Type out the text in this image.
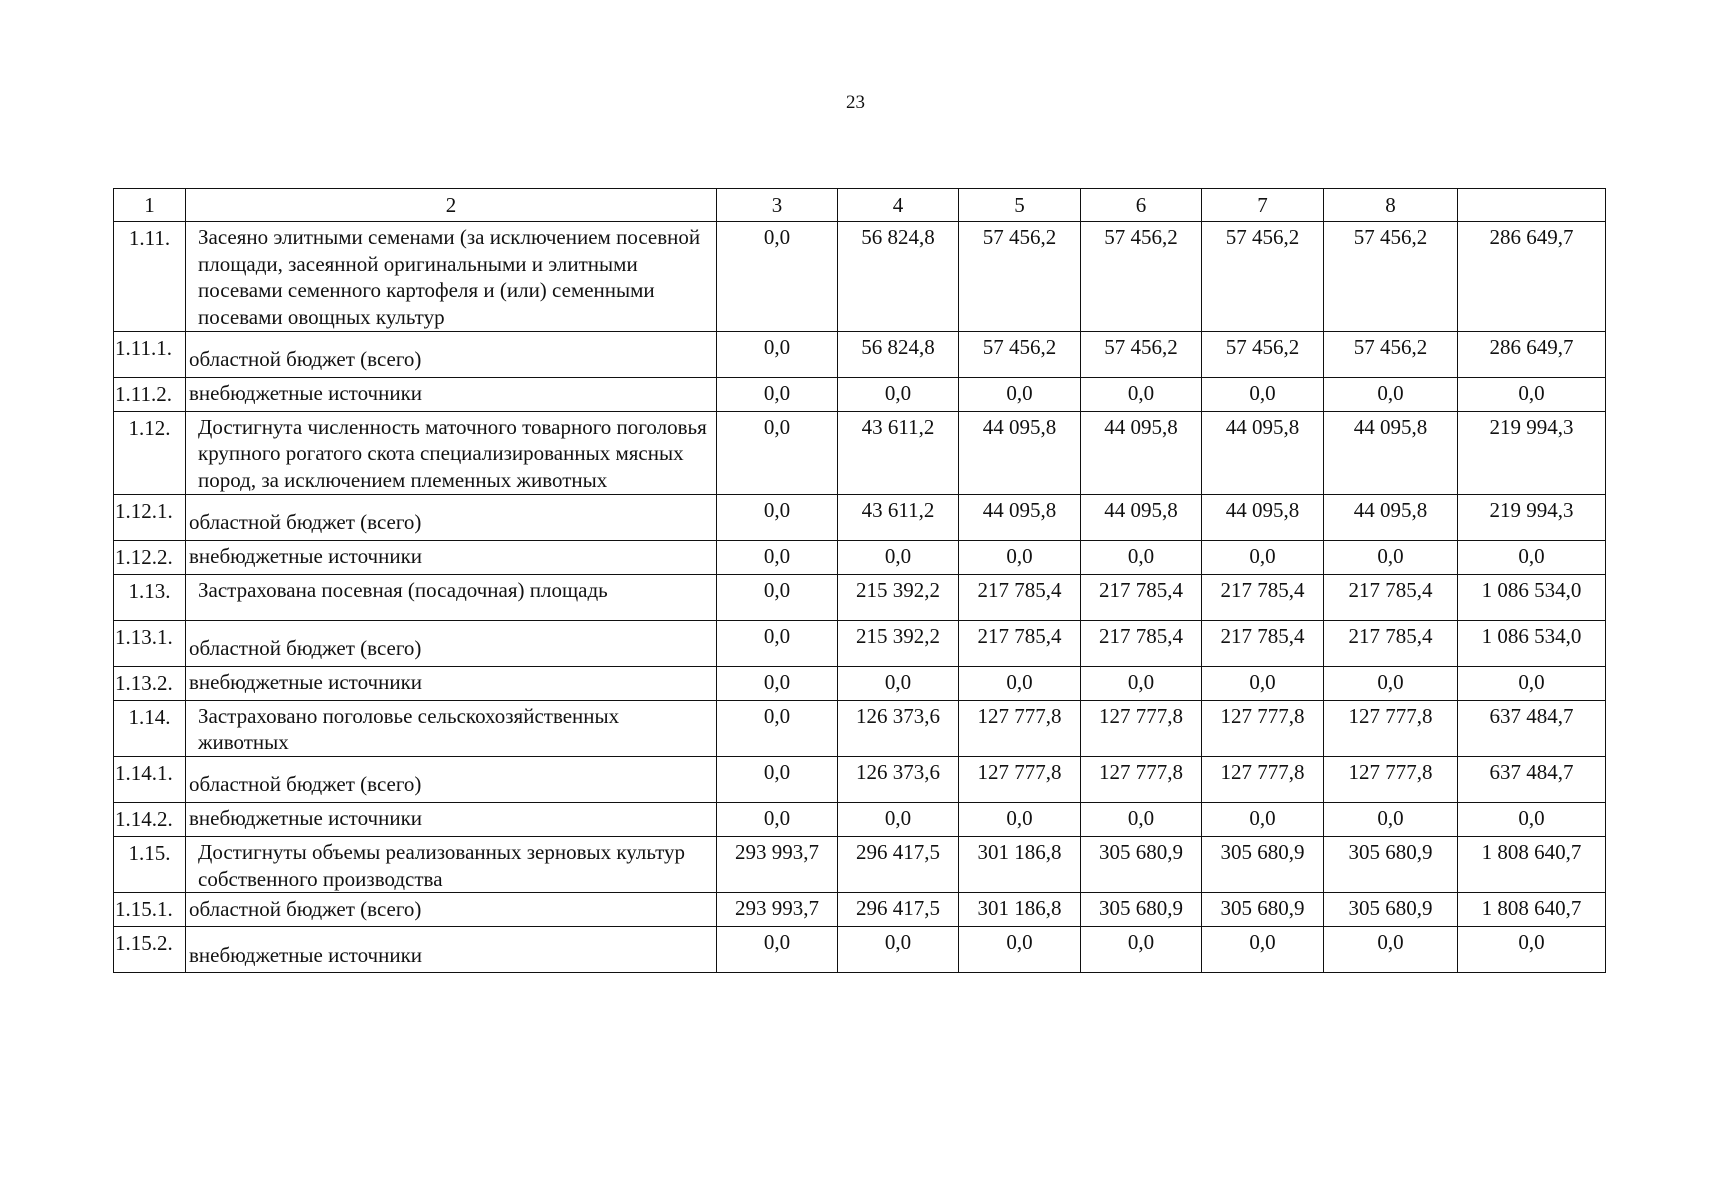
23
1	2	3	4	5	6	7	8	
1.11.	Засеяно элитными семенами (за исключением посевной площади, засеянной оригинальными и элитными посевами семенного картофеля и (или) семенными посевами овощных культур	0,0	56 824,8	57 456,2	57 456,2	57 456,2	57 456,2	286 649,7
1.11.1.	областной бюджет (всего)	0,0	56 824,8	57 456,2	57 456,2	57 456,2	57 456,2	286 649,7
1.11.2.	внебюджетные источники	0,0	0,0	0,0	0,0	0,0	0,0	0,0
1.12.	Достигнута численность маточного товарного поголовья крупного рогатого скота специализированных мясных пород, за исключением племенных животных	0,0	43 611,2	44 095,8	44 095,8	44 095,8	44 095,8	219 994,3
1.12.1.	областной бюджет (всего)	0,0	43 611,2	44 095,8	44 095,8	44 095,8	44 095,8	219 994,3
1.12.2.	внебюджетные источники	0,0	0,0	0,0	0,0	0,0	0,0	0,0
1.13.	Застрахована посевная (посадочная) площадь	0,0	215 392,2	217 785,4	217 785,4	217 785,4	217 785,4	1 086 534,0
1.13.1.	областной бюджет (всего)	0,0	215 392,2	217 785,4	217 785,4	217 785,4	217 785,4	1 086 534,0
1.13.2.	внебюджетные источники	0,0	0,0	0,0	0,0	0,0	0,0	0,0
1.14.	Застраховано поголовье сельскохозяйственных животных	0,0	126 373,6	127 777,8	127 777,8	127 777,8	127 777,8	637 484,7
1.14.1.	областной бюджет (всего)	0,0	126 373,6	127 777,8	127 777,8	127 777,8	127 777,8	637 484,7
1.14.2.	внебюджетные источники	0,0	0,0	0,0	0,0	0,0	0,0	0,0
1.15.	Достигнуты объемы реализованных зерновых культур собственного производства	293 993,7	296 417,5	301 186,8	305 680,9	305 680,9	305 680,9	1 808 640,7
1.15.1.	областной бюджет (всего)	293 993,7	296 417,5	301 186,8	305 680,9	305 680,9	305 680,9	1 808 640,7
1.15.2.	внебюджетные источники	0,0	0,0	0,0	0,0	0,0	0,0	0,0
